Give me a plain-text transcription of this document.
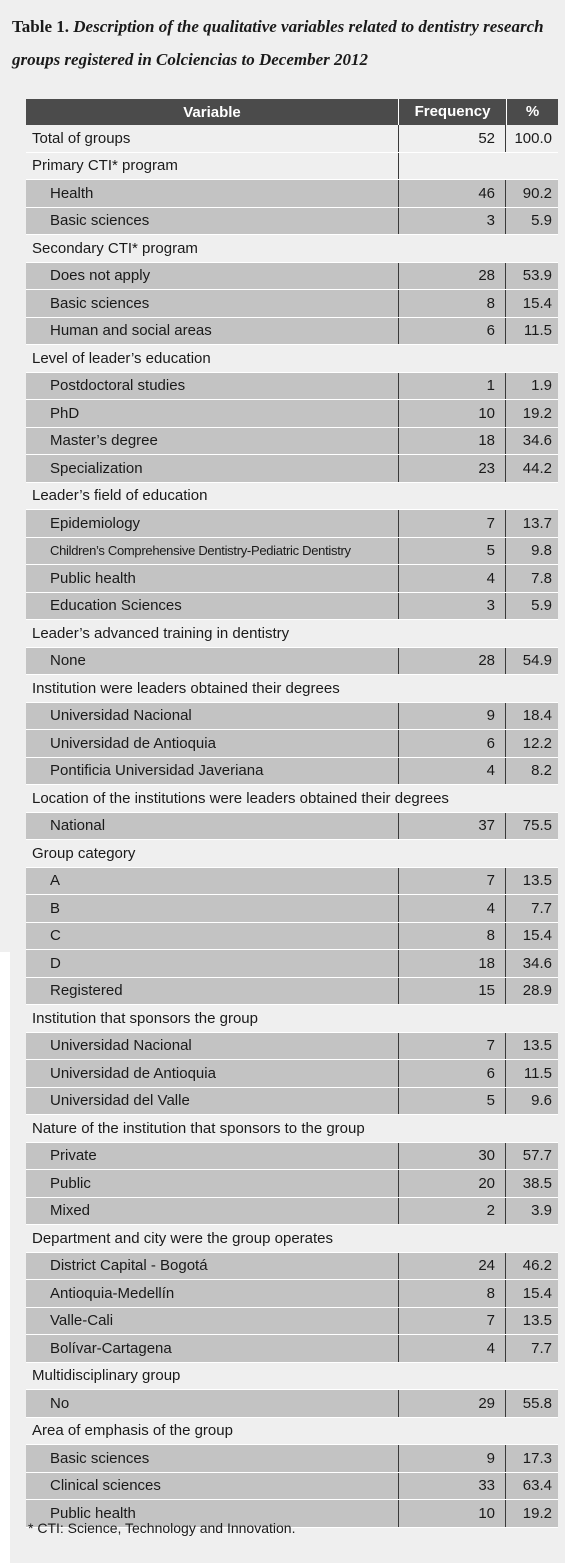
Table 1. Description of the qualitative variables related to dentistry research groups registered in Colciencias to December 2012
Variable	Frequency	%
Total of groups	52	100.0
Primary CTI* program
Health	46	90.2
Basic sciences	3	5.9
Secondary CTI* program
Does not apply	28	53.9
Basic sciences	8	15.4
Human and social areas	6	11.5
Level of leader’s education
Postdoctoral studies	1	1.9
PhD	10	19.2
Master’s degree	18	34.6
Specialization	23	44.2
Leader’s field of education
Epidemiology	7	13.7
Children’s Comprehensive Dentistry-Pediatric Dentistry	5	9.8
Public health	4	7.8
Education Sciences	3	5.9
Leader’s advanced training in dentistry
None	28	54.9
Institution were leaders obtained their degrees
Universidad Nacional	9	18.4
Universidad de Antioquia	6	12.2
Pontificia Universidad Javeriana	4	8.2
Location of the institutions were leaders obtained their degrees
National	37	75.5
Group category
A	7	13.5
B	4	7.7
C	8	15.4
D	18	34.6
Registered	15	28.9
Institution that sponsors the group
Universidad Nacional	7	13.5
Universidad de Antioquia	6	11.5
Universidad del Valle	5	9.6
Nature of the institution that sponsors to the group
Private	30	57.7
Public	20	38.5
Mixed	2	3.9
Department and city were the group operates
District Capital - Bogotá	24	46.2
Antioquia-Medellín	8	15.4
Valle-Cali	7	13.5
Bolívar-Cartagena	4	7.7
Multidisciplinary group
No	29	55.8
Area of emphasis of the group
Basic sciences	9	17.3
Clinical sciences	33	63.4
Public health	10	19.2
* CTI: Science, Technology and Innovation.
